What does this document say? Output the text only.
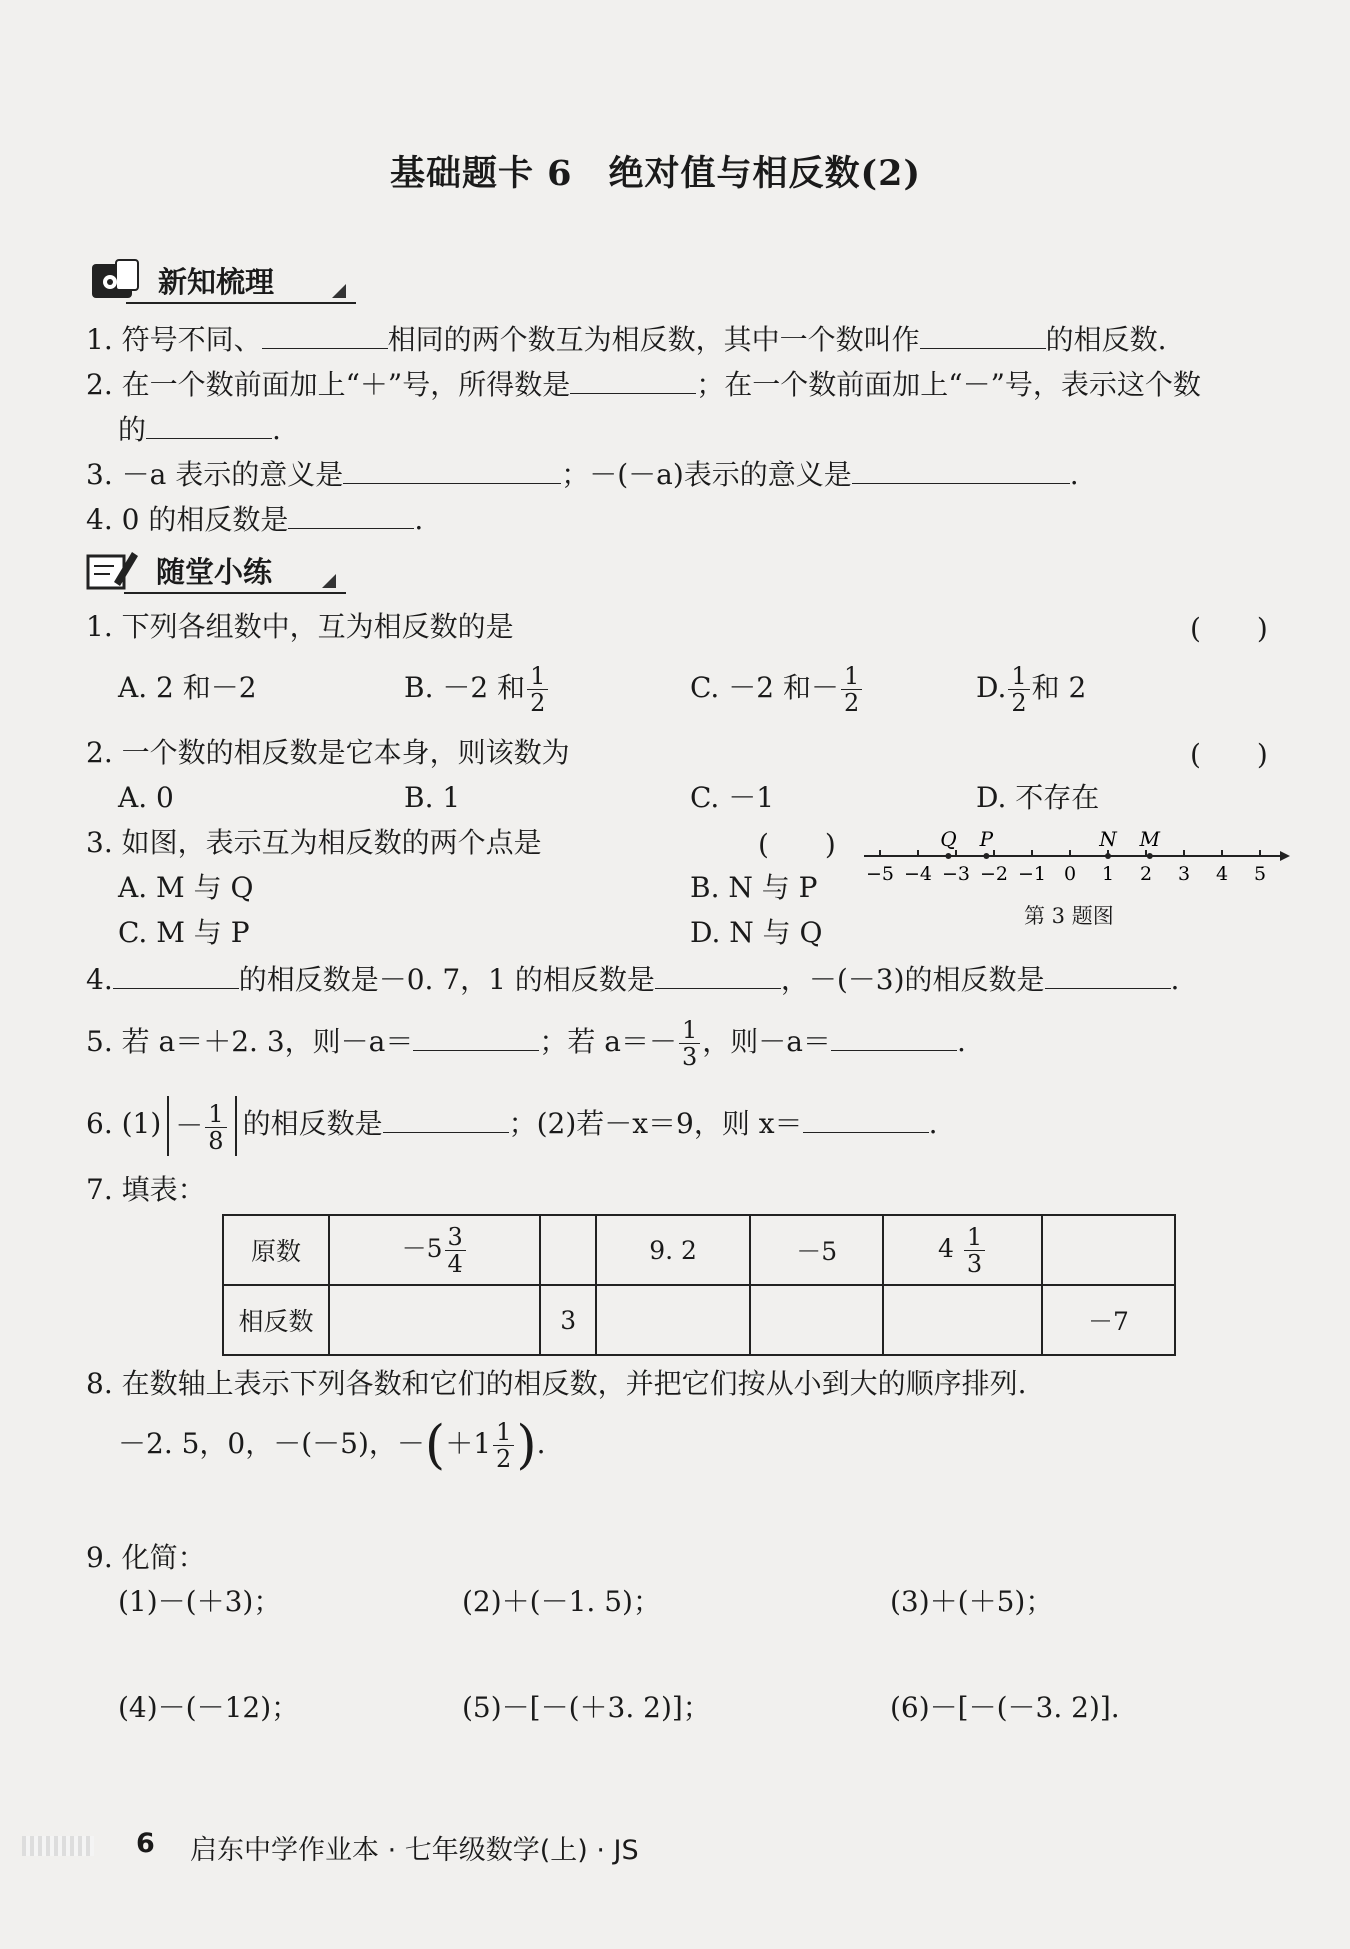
基础题卡 6　绝对值与相反数(2)
新知梳理
1. 符号不同、	相同的两个数互为相反数，其中一个数叫作	的相反数.
2. 在一个数前面加上“＋”号，所得数是	；在一个数前面加上“－”号，表示这个数
的	.
3. －a 表示的意义是	；－(－a)表示的意义是	.
4. 0 的相反数是	.
随堂小练
1. 下列各组数中，互为相反数的是	(　　)
A. 2 和－2	B. －2 和 $\frac{1}{2}$	C. －2 和－ $\frac{1}{2}$	D. $\frac{1}{2}$ 和 2
2. 一个数的相反数是它本身，则该数为	(　　)
A. 0	B. 1	C. －1	D. 不存在
3. 如图，表示互为相反数的两个点是	(　　)
A. M 与 Q	B. N 与 P
C. M 与 P	D. N 与 Q
−5 −4 −3 −2 −1 0 1 2 3 4 5
Q P	N M
第 3 题图
4.	的相反数是－0. 7，1 的相反数是	，－(－3)的相反数是	.
5. 若 a＝＋2. 3，则－a＝	；若 $a=- \frac{1}{3}$ ，则－a＝	.
6. $(1) - \frac{1}{8}$ 的相反数是	；(2)若－x＝9，则 x＝	.
7. 填表：
原数	$-5 \frac{3}{4}$		9. 2	－5	$4 \frac{1}{3}$

相反数		3				－7
8. 在数轴上表示下列各数和它们的相反数，并把它们按从小到大的顺序排列.
－2. 5，0，－(－5)，$-(+1 \frac{1}{2}$ ).
9. 化简：
(1)－(＋3)；	(2)＋(－1. 5)；	(3)＋(＋5)；
(4)－(－12)；	(5)－[－(＋3. 2)]；	(6)－[－(－3. 2)].
6 启东中学作业本 · 七年级数学(上) · JS
